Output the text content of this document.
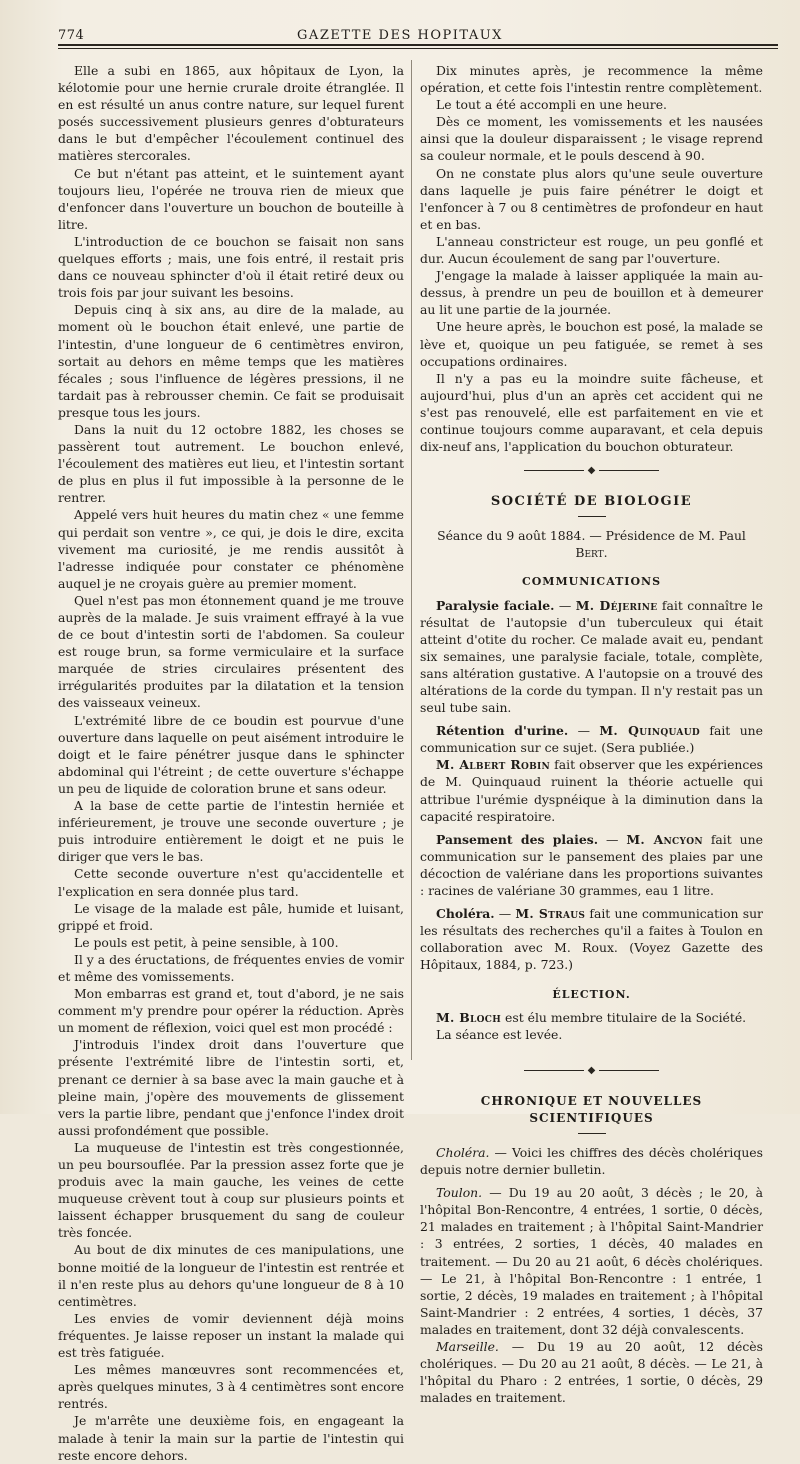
774	GAZETTE DES HOPITAUX

Elle a subi en 1865, aux hôpitaux de Lyon, la kélotomie pour une hernie crurale droite étranglée. Il en est résulté un anus contre nature, sur lequel furent posés successivement plusieurs genres d'obturateurs dans le but d'empêcher l'écoulement continuel des matières stercorales.

Ce but n'étant pas atteint, et le suintement ayant toujours lieu, l'opérée ne trouva rien de mieux que d'enfoncer dans l'ouverture un bouchon de bouteille à litre.

L'introduction de ce bouchon se faisait non sans quelques efforts ; mais, une fois entré, il restait pris dans ce nouveau sphincter d'où il était retiré deux ou trois fois par jour suivant les besoins.

Depuis cinq à six ans, au dire de la malade, au moment où le bouchon était enlevé, une partie de l'intestin, d'une longueur de 6 centimètres environ, sortait au dehors en même temps que les matières fécales ; sous l'influence de légères pressions, il ne tardait pas à rebrousser chemin. Ce fait se produisait presque tous les jours.

Dans la nuit du 12 octobre 1882, les choses se passèrent tout autrement. Le bouchon enlevé, l'écoulement des matières eut lieu, et l'intestin sortant de plus en plus il fut impossible à la personne de le rentrer.

Appelé vers huit heures du matin chez « une femme qui perdait son ventre », ce qui, je dois le dire, excita vivement ma curiosité, je me rendis aussitôt à l'adresse indiquée pour constater ce phénomène auquel je ne croyais guère au premier moment.

Quel n'est pas mon étonnement quand je me trouve auprès de la malade. Je suis vraiment effrayé à la vue de ce bout d'intestin sorti de l'abdomen. Sa couleur est rouge brun, sa forme vermiculaire et la surface marquée de stries circulaires présentent des irrégularités produites par la dilatation et la tension des vaisseaux veineux.

L'extrémité libre de ce boudin est pourvue d'une ouverture dans laquelle on peut aisément introduire le doigt et le faire pénétrer jusque dans le sphincter abdominal qui l'étreint ; de cette ouverture s'échappe un peu de liquide de coloration brune et sans odeur.

A la base de cette partie de l'intestin herniée et inférieurement, je trouve une seconde ouverture ; je puis introduire entièrement le doigt et ne puis le diriger que vers le bas.

Cette seconde ouverture n'est qu'accidentelle et l'explication en sera donnée plus tard.

Le visage de la malade est pâle, humide et luisant, grippé et froid.

Le pouls est petit, à peine sensible, à 100.

Il y a des éructations, de fréquentes envies de vomir et même des vomissements.

Mon embarras est grand et, tout d'abord, je ne sais comment m'y prendre pour opérer la réduction. Après un moment de réflexion, voici quel est mon procédé :

J'introduis l'index droit dans l'ouverture que présente l'extrémité libre de l'intestin sorti, et, prenant ce dernier à sa base avec la main gauche et à pleine main, j'opère des mouvements de glissement vers la partie libre, pendant que j'enfonce l'index droit aussi profondément que possible.

La muqueuse de l'intestin est très congestionnée, un peu boursouflée. Par la pression assez forte que je produis avec la main gauche, les veines de cette muqueuse crèvent tout à coup sur plusieurs points et laissent échapper brusquement du sang de couleur très foncée.

Au bout de dix minutes de ces manipulations, une bonne moitié de la longueur de l'intestin est rentrée et il n'en reste plus au dehors qu'une longueur de 8 à 10 centimètres.

Les envies de vomir deviennent déjà moins fréquentes. Je laisse reposer un instant la malade qui est très fatiguée.

Les mêmes manœuvres sont recommencées et, après quelques minutes, 3 à 4 centimètres sont encore rentrés.

Je m'arrête une deuxième fois, en engageant la malade à tenir la main sur la partie de l'intestin qui reste encore dehors.

Dix minutes après, je recommence la même opération, et cette fois l'intestin rentre complètement.

Le tout a été accompli en une heure.

Dès ce moment, les vomissements et les nausées ainsi que la douleur disparaissent ; le visage reprend sa couleur normale, et le pouls descend à 90.

On ne constate plus alors qu'une seule ouverture dans laquelle je puis faire pénétrer le doigt et l'enfoncer à 7 ou 8 centimètres de profondeur en haut et en bas.

L'anneau constricteur est rouge, un peu gonflé et dur. Aucun écoulement de sang par l'ouverture.

J'engage la malade à laisser appliquée la main au-dessus, à prendre un peu de bouillon et à demeurer au lit une partie de la journée.

Une heure après, le bouchon est posé, la malade se lève et, quoique un peu fatiguée, se remet à ses occupations ordinaires.

Il n'y a pas eu la moindre suite fâcheuse, et aujourd'hui, plus d'un an après cet accident qui ne s'est pas renouvelé, elle est parfaitement en vie et continue toujours comme auparavant, et cela depuis dix-neuf ans, l'application du bouchon obturateur.

◆
SOCIÉTÉ DE BIOLOGIE
Séance du 9 août 1884. — Présidence de M. Paul Bert.
COMMUNICATIONS

Paralysie faciale. — M. Déjerine fait connaître le résultat de l'autopsie d'un tuberculeux qui était atteint d'otite du rocher. Ce malade avait eu, pendant six semaines, une paralysie faciale, totale, complète, sans altération gustative. A l'autopsie on a trouvé des altérations de la corde du tympan. Il n'y restait pas un seul tube sain.

Rétention d'urine. — M. Quinquaud fait une communication sur ce sujet. (Sera publiée.)

M. Albert Robin fait observer que les expériences de M. Quinquaud ruinent la théorie actuelle qui attribue l'urémie dyspnéique à la diminution dans la capacité respiratoire.

Pansement des plaies. — M. Ancyon fait une communication sur le pansement des plaies par une décoction de valériane dans les proportions suivantes : racines de valériane 30 grammes, eau 1 litre.

Choléra. — M. Straus fait une communication sur les résultats des recherches qu'il a faites à Toulon en collaboration avec M. Roux. (Voyez Gazette des Hôpitaux, 1884, p. 723.)

ÉLECTION.

M. Bloch est élu membre titulaire de la Société.

La séance est levée.

◆
CHRONIQUE ET NOUVELLES SCIENTIFIQUES

Choléra. — Voici les chiffres des décès cholériques depuis notre dernier bulletin.

Toulon. — Du 19 au 20 août, 3 décès ; le 20, à l'hôpital Bon-Rencontre, 4 entrées, 1 sortie, 0 décès, 21 malades en traitement ; à l'hôpital Saint-Mandrier : 3 entrées, 2 sorties, 1 décès, 40 malades en traitement. — Du 20 au 21 août, 6 décès cholériques. — Le 21, à l'hôpital Bon-Rencontre : 1 entrée, 1 sortie, 2 décès, 19 malades en traitement ; à l'hôpital Saint-Mandrier : 2 entrées, 4 sorties, 1 décès, 37 malades en traitement, dont 32 déjà convalescents.

Marseille. — Du 19 au 20 août, 12 décès cholériques. — Du 20 au 21 août, 8 décès. — Le 21, à l'hôpital du Pharo : 2 entrées, 1 sortie, 0 décès, 29 malades en traitement.
